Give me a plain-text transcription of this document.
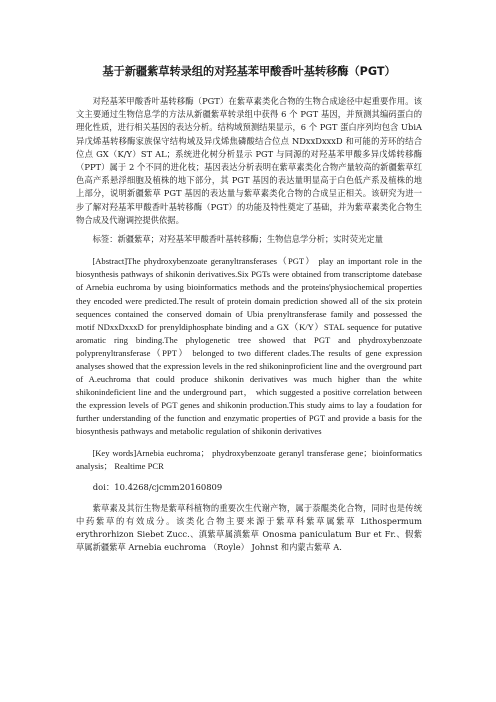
基于新疆紫草转录组的对羟基苯甲酸香叶基转移酶（PGT）

对羟基苯甲酸香叶基转移酶（PGT）在紫草素类化合物的生物合成途径中起重要作用。该文主要通过生物信息学的方法从新疆紫草转录组中获得 6 个 PGT 基因，并预测其编码蛋白的理化性质，进行相关基因的表达分析。结构域预测结果显示，6 个 PGT 蛋白序列均包含 UbiA 异戊烯基转移酶家族保守结构域及异戊烯焦磷酸结合位点 NDxxDxxxD 和可能的芳环的结合位点 GX（K/Y）ST AL；系统进化树分析显示 PGT 与同源的对羟基苯甲酸多异戊烯转移酶（PPT）属于 2 个不同的进化枝；基因表达分析表明在紫草素类化合物产量较高的新疆紫草红色高产系悬浮细胞及植株的地下部分，其 PGT 基因的表达量明显高于白色低产系及植株的地上部分，说明新疆紫草 PGT 基因的表达量与紫草素类化合物的合成呈正相关。该研究为进一步了解对羟基苯甲酸香叶基转移酶（PGT）的功能及特性奠定了基础，并为紫草素类化合物生物合成及代谢调控提供依据。

标签：新疆紫草；对羟基苯甲酸香叶基转移酶；生物信息学分析；实时荧光定量

[Abstract]The phydroxybenzoate geranyltransferases（PGT） play an important role in the biosynthesis pathways of shikonin derivatives.Six PGTs were obtained from transcriptome datebase of Arnebia euchroma by using bioinformatics methods and the proteins'physiochemical properties they encoded were predicted.The result of protein domain prediction showed all of the six protein sequences contained the conserved domain of Ubia prenyltransferase family and possessed the motif NDxxDxxxD for prenyldiphosphate binding and a GX（K/Y）STAL sequence for putative aromatic ring binding.The phylogenetic tree showed that PGT and phydroxybenzoate polyprenyltransferase（PPT） belonged to two different clades.The results of gene expression analyses showed that the expression levels in the red shikoninproficient line and the overground part of A.euchroma that could produce shikonin derivatives was much higher than the white shikonindeficient line and the underground part， which suggested a positive correlation between the expression levels of PGT genes and shikonin production.This study aims to lay a foudation for further understanding of the function and enzymatic properties of PGT and provide a basis for the biosynthesis pathways and metabolic regulation of shikonin derivatives

[Key words]Arnebia euchroma； phydroxybenzoate geranyl transferase gene；bioinformatics analysis； Realtime PCR

doi：10.4268/cjcmm20160809

紫草素及其衍生物是紫草科植物的重要次生代谢产物，属于萘醌类化合物，同时也是传统中药紫草的有效成分。该类化合物主要来源于紫草科紫草属紫草 Lithospermum erythrorhizon Siebet Zucc.、滇紫草属滇紫草 Onosma paniculatum Bur et Fr.、假紫草属新疆紫草 Arnebia euchroma （Royle） Johnst 和内蒙古紫草 A.
